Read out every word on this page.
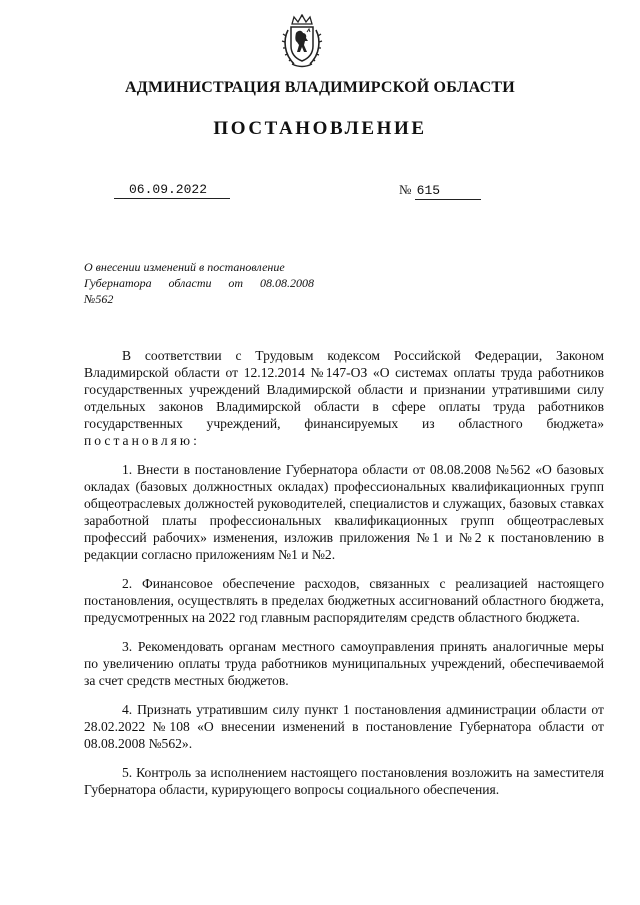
АДМИНИСТРАЦИЯ ВЛАДИМИРСКОЙ ОБЛАСТИ
ПОСТАНОВЛЕНИЕ
06.09.2022	№ 615
О внесении изменений в постановление
Губернатора области от 08.08.2008
№562

В соответствии с Трудовым кодексом Российской Федерации, Законом Владимирской области от 12.12.2014 №147-ОЗ «О системах оплаты труда работников государственных учреждений Владимирской области и признании утратившими силу отдельных законов Владимирской области в сфере оплаты труда работников государственных учреждений, финансируемых из областного бюджета» постановляю:

1. Внести в постановление Губернатора области от 08.08.2008 №562 «О базовых окладах (базовых должностных окладах) профессиональных квалификационных групп общеотраслевых должностей руководителей, специалистов и служащих, базовых ставках заработной платы профессиональных квалификационных групп общеотраслевых профессий рабочих» изменения, изложив приложения №1 и №2 к постановлению в редакции согласно приложениям №1 и №2.

2. Финансовое обеспечение расходов, связанных с реализацией настоящего постановления, осуществлять в пределах бюджетных ассигнований областного бюджета, предусмотренных на 2022 год главным распорядителям средств областного бюджета.

3. Рекомендовать органам местного самоуправления принять аналогичные меры по увеличению оплаты труда работников муниципальных учреждений, обеспечиваемой за счет средств местных бюджетов.

4. Признать утратившим силу пункт 1 постановления администрации области от 28.02.2022 №108 «О внесении изменений в постановление Губернатора области от 08.08.2008 №562».

5. Контроль за исполнением настоящего постановления возложить на заместителя Губернатора области, курирующего вопросы социального обеспечения.
